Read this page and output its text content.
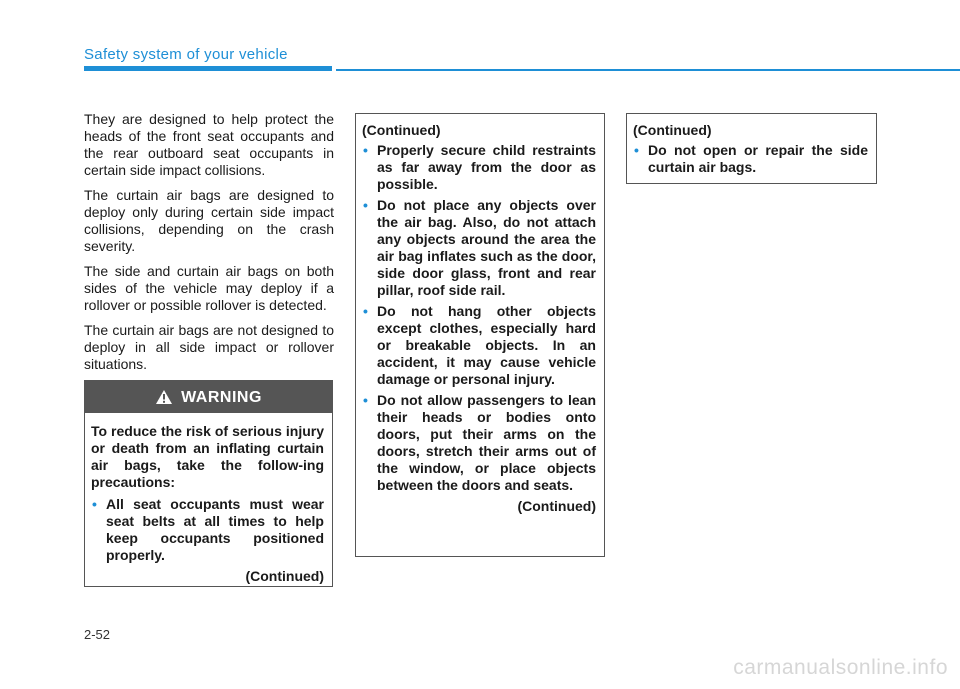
Safety system of your vehicle

They are designed to help protect the heads of the front seat occupants and the rear outboard seat occupants in certain side impact collisions.

The curtain air bags are designed to deploy only during certain side impact collisions, depending on the crash severity.

The side and curtain air bags on both sides of the vehicle may deploy if a rollover or possible rollover is detected.

The curtain air bags are not designed to deploy in all side impact or rollover situations.

WARNING
To reduce the risk of serious injury or death from an inflating curtain air bags, take the follow-ing precautions:
• All seat occupants must wear seat belts at all times to help keep occupants positioned properly.
(Continued)
(Continued)
• Properly secure child restraints as far away from the door as possible.
• Do not place any objects over the air bag. Also, do not attach any objects around the area the air bag inflates such as the door, side door glass, front and rear pillar, roof side rail.
• Do not hang other objects except clothes, especially hard or breakable objects. In an accident, it may cause vehicle damage or personal injury.
• Do not allow passengers to lean their heads or bodies onto doors, put their arms on the doors, stretch their arms out of the window, or place objects between the doors and seats.
(Continued)
(Continued)
• Do not open or repair the side curtain air bags.
2-52
carmanualsonline.info
